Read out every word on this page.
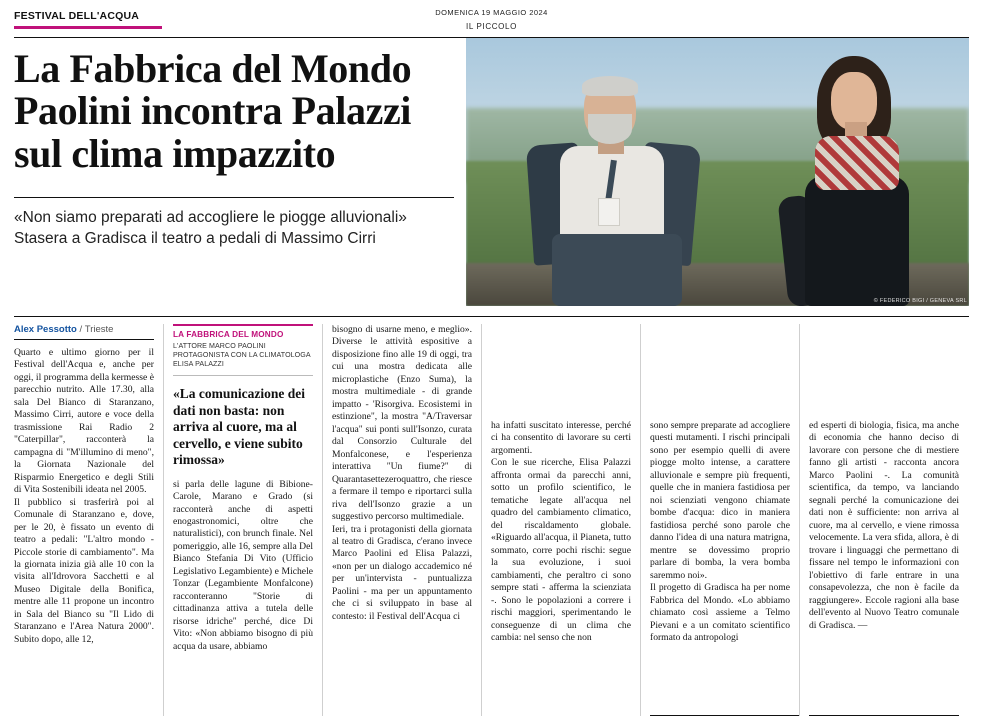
FESTIVAL DELL'ACQUA	DOMENICA 19 MAGGIO 2024
IL PICCOLO
La Fabbrica del Mondo
Paolini incontra Palazzi
sul clima impazzito
«Non siamo preparati ad accogliere le piogge alluvionali»
Stasera a Gradisca il teatro a pedali di Massimo Cirri
© FEDERICO BIGI / GENEVA SRL
Alex Pessotto / Trieste

Quarto e ultimo giorno per il Festival dell'Acqua e, anche per oggi, il programma della kermesse è parecchio nutrito. Alle 17.30, alla sala Del Bianco di Staranzano, Massimo Cirri, autore e voce della trasmissione Rai Radio 2 "Caterpillar", racconterà la campagna di "M'illumino di meno", la Giornata Nazionale del Risparmio Energetico e degli Stili di Vita Sostenibili ideata nel 2005.

Il pubblico si trasferirà poi al Comunale di Staranzano e, dove, per le 20, è fissato un evento di teatro a pedali: "L'altro mondo - Piccole storie di cambiamento". Ma la giornata inizia già alle 10 con la visita all'Idrovora Sacchetti e al Museo Digitale della Bonifica, mentre alle 11 propone un incontro in Sala del Bianco su "Il Lido di Staranzano e l'Area Natura 2000". Subito dopo, alle 12,

LA FABBRICA DEL MONDO
L'ATTORE MARCO PAOLINI PROTAGONISTA CON LA CLIMATOLOGA ELISA PALAZZI
«La comunicazione dei dati non basta: non arriva al cuore, ma al cervello, e viene subito rimossa»

si parla delle lagune di Bibione-Carole, Marano e Grado (si racconterà anche di aspetti enogastronomici, oltre che naturalistici), con brunch finale. Nel pomeriggio, alle 16, sempre alla Del Bianco Stefania Di Vito (Ufficio Legislativo Legambiente) e Michele Tonzar (Legambiente Monfalcone) racconteranno "Storie di cittadinanza attiva a tutela delle risorse idriche" perché, dice Di Vito: «Non abbiamo bisogno di più acqua da usare, abbiamo

bisogno di usarne meno, e meglio». Diverse le attività espositive a disposizione fino alle 19 di oggi, tra cui una mostra dedicata alle microplastiche (Enzo Suma), la mostra multimediale - di grande impatto - 'Risorgiva. Ecosistemi in estinzione", la mostra "A/Traversar l'acqua" sui ponti sull'Isonzo, curata dal Consorzio Culturale del Monfalconese, e l'esperienza interattiva "Un fiume?" di Quarantasettezeroquattro, che riesce a fermare il tempo e riportarci sulla riva dell'Isonzo grazie a un suggestivo percorso multimediale.

Ieri, tra i protagonisti della giornata al teatro di Gradisca, c'erano invece Marco Paolini ed Elisa Palazzi, «non per un dialogo accademico né per un'intervista - puntualizza Paolini - ma per un appuntamento che ci si sviluppato in base al contesto: il Festival dell'Acqua ci

ha infatti suscitato interesse, perché ci ha consentito di lavorare su certi argomenti.

Con le sue ricerche, Elisa Palazzi affronta ormai da parecchi anni, sotto un profilo scientifico, le tematiche legate all'acqua nel quadro del cambiamento climatico, del riscaldamento globale. «Riguardo all'acqua, il Pianeta, tutto sommato, corre pochi rischi: segue la sua evoluzione, i suoi cambiamenti, che peraltro ci sono sempre stati - afferma la scienziata -. Sono le popolazioni a correre i rischi maggiori, sperimentando le conseguenze di un clima che cambia: nel senso che non

sono sempre preparate ad accogliere questi mutamenti. I rischi principali sono per esempio quelli di avere piogge molto intense, a carattere alluvionale e sempre più frequenti, quelle che in maniera fastidiosa per noi scienziati vengono chiamate bombe d'acqua: dico in maniera fastidiosa perché sono parole che danno l'idea di una natura matrigna, mentre se dovessimo proprio parlare di bomba, la vera bomba saremmo noi».

Il progetto di Gradisca ha per nome Fabbrica del Mondo. «Lo abbiamo chiamato così assieme a Telmo Pievani e a un comitato scientifico formato da antropologi

ed esperti di biologia, fisica, ma anche di economia che hanno deciso di lavorare con persone che di mestiere fanno gli artisti - racconta ancora Marco Paolini -. La comunità scientifica, da tempo, va lanciando segnali perché la comunicazione dei dati non è sufficiente: non arriva al cuore, ma al cervello, e viene rimossa velocemente. La vera sfida, allora, è di trovare i linguaggi che permettano di fissare nel tempo le informazioni con l'obiettivo di farle entrare in una consapevolezza, che non è facile da raggiungere». Eccole ragioni alla base dell'evento al Nuovo Teatro comunale di Gradisca. —
